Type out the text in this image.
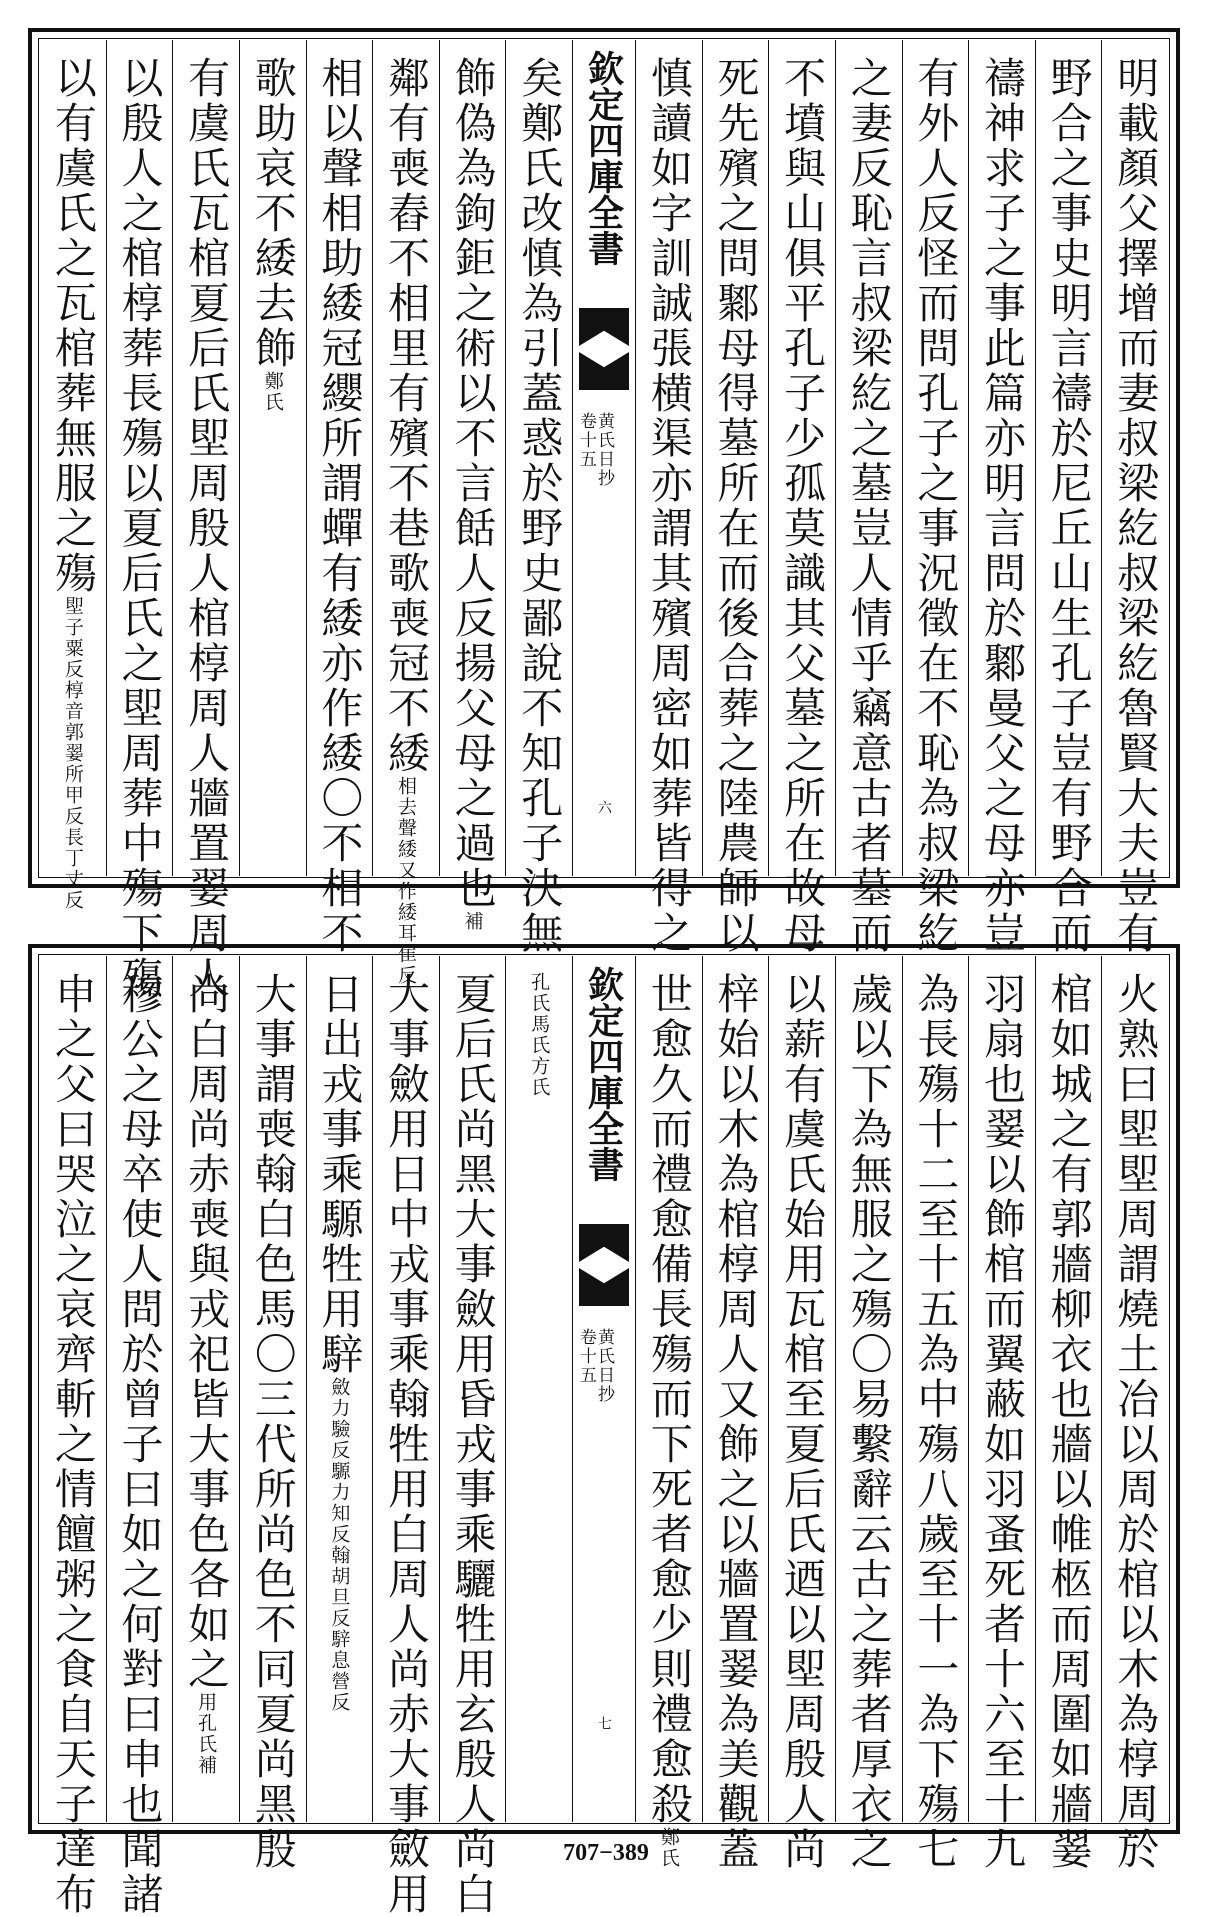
明載顏父擇增而妻叔梁紇叔梁紇魯賢大夫豈有
野合之事史明言禱於尼丘山生孔子豈有野合而
禱神求子之事此篇亦明言問於鄹曼父之母亦豈
有外人反怪而問孔子之事況徵在不恥為叔梁紇
之妻反恥言叔梁紇之墓豈人情乎竊意古者墓而
不墳與山俱平孔子少孤莫識其父墓之所在故母
死先殯之問鄹母得墓所在而後合葬之陸農師以
慎讀如字訓誠張横渠亦謂其殯周密如葬皆得之
欽定四庫全書
黄氏日抄
卷十五
六
矣鄭氏改慎為引蓋惑於野史鄙說不知孔子決無
飾偽為鉤鉅之術以不言餂人反揚父母之過也補
鄰有喪舂不相里有殯不巷歌喪冠不緌相去聲緌又作緌耳隹反
相以聲相助緌冠纓所謂蟬有緌亦作緌〇不相不
歌助哀不緌去飾鄭氏
有虞氏瓦棺夏后氏堲周殷人棺椁周人牆置翣周人
以殷人之棺椁葬長殤以夏后氏之堲周葬中殤下殤
以有虞氏之瓦棺葬無服之殤堲子粟反椁音郭翣所甲反長丁丈反
火熟曰堲堲周謂燒土冶以周於棺以木為椁周於
棺如城之有郭牆柳衣也牆以帷柩而周圍如牆翣
羽扇也翣以飾棺而翼蔽如羽蚤死者十六至十九
為長殤十二至十五為中殤八歲至十一為下殤七
歲以下為無服之殤〇易繫辭云古之葬者厚衣之
以薪有虞氏始用瓦棺至夏后氏迺以堲周殷人尚
梓始以木為棺椁周人又飾之以牆置翣為美觀蓋
世愈久而禮愈備長殤而下死者愈少則禮愈殺鄭氏
欽定四庫全書
黄氏日抄
卷十五
七
孔氏馬氏方氏
夏后氏尚黑大事斂用昏戎事乘驪牲用玄殷人尚白
大事斂用日中戎事乘翰牲用白周人尚赤大事斂用
日出戎事乘騵牲用騂斂力驗反騵力知反翰胡旦反騂息營反
大事謂喪翰白色馬〇三代所尚色不同夏尚黑殷
尚白周尚赤喪與戎祀皆大事色各如之用孔氏補
穆公之母卒使人問於曾子曰如之何對曰申也聞諸
申之父曰哭泣之哀齊斬之情饘粥之食自天子達布	707−389
